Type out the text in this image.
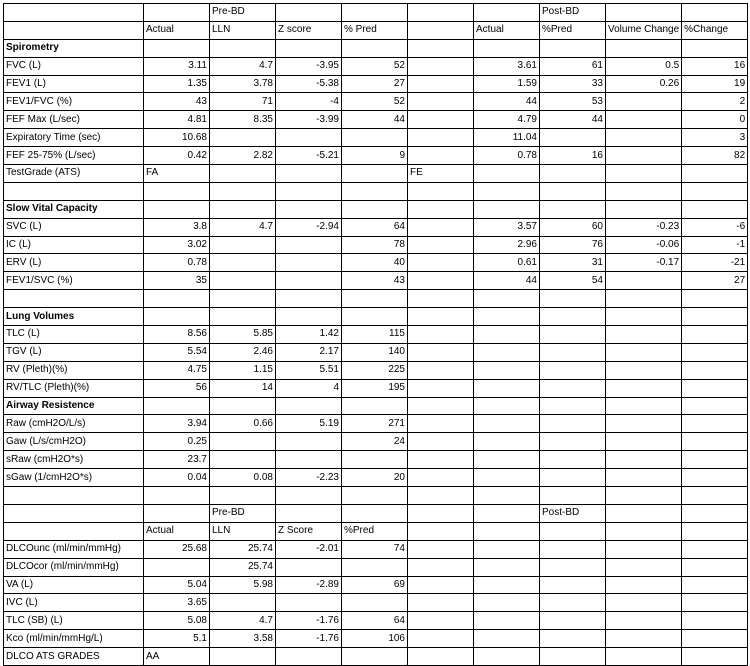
		Pre-BD					Post-BD		
	Actual	LLN	Z score	% Pred		Actual	%Pred	Volume Change	%Change
Spirometry									
FVC (L)	3.11	4.7	-3.95	52		3.61	61	0.5	16
FEV1 (L)	1.35	3.78	-5.38	27		1.59	33	0.26	19
FEV1/FVC (%)	43	71	-4	52		44	53		2
FEF Max (L/sec)	4.81	8.35	-3.99	44		4.79	44		0
Expiratory Time (sec)	10.68					11.04			3
FEF 25-75% (L/sec)	0.42	2.82	-5.21	9		0.78	16		82
TestGrade (ATS)	FA				FE				

Slow Vital Capacity									
SVC (L)	3.8	4.7	-2.94	64		3.57	60	-0.23	-6
IC (L)	3.02			78		2.96	76	-0.06	-1
ERV (L)	0.78			40		0.61	31	-0.17	-21
FEV1/SVC (%)	35			43		44	54		27

Lung Volumes									
TLC (L)	8.56	5.85	1.42	115					
TGV (L)	5.54	2.46	2.17	140					
RV (Pleth)(%)	4.75	1.15	5.51	225					
RV/TLC (Pleth)(%)	56	14	4	195					
Airway Resistence									
Raw (cmH2O/L/s)	3.94	0.66	5.19	271					
Gaw (L/s/cmH2O)	0.25			24					
sRaw (cmH2O*s)	23.7								
sGaw (1/cmH2O*s)	0.04	0.08	-2.23	20					

		Pre-BD					Post-BD		
	Actual	LLN	Z Score	%Pred					
DLCOunc (ml/min/mmHg)	25.68	25.74	-2.01	74					
DLCOcor (ml/min/mmHg)		25.74							
VA (L)	5.04	5.98	-2.89	69					
IVC (L)	3.65								
TLC (SB) (L)	5.08	4.7	-1.76	64					
Kco (ml/min/mmHg/L)	5.1	3.58	-1.76	106					
DLCO ATS GRADES	AA								
